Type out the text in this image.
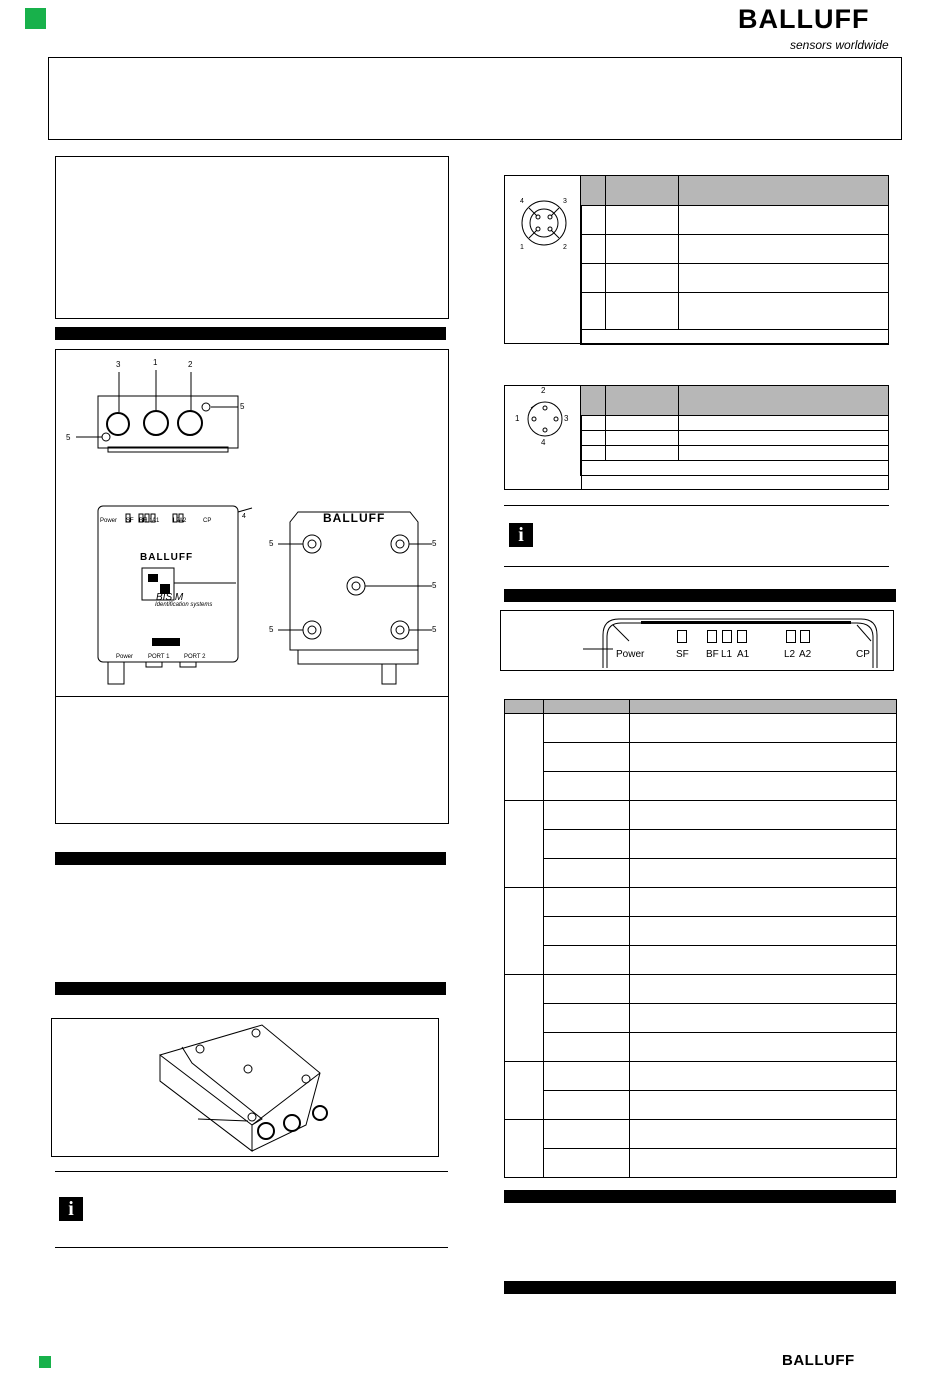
BALLUFF
sensors worldwide
3	1	2
5
5
4
Power SF BF L1 A1 L2 A2	CP
BALLUFF
BIS M
Identification systems
Power PORT 1 PORT 2
BALLUFF
5	5
5
5	5
i
4	3
1	2

2
1	3
4

i
Power	SF BF L1 A1	L2 A2	CP

BALLUFF
